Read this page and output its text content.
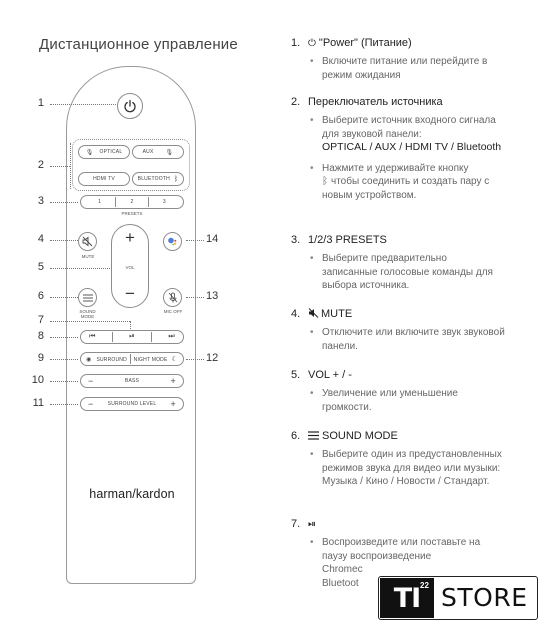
Дистанционное управление
1
2
3
4
5
6
7
8
9
10
11
14
13
12
🎙 OPTICAL	AUX 🎙
HDMI TV	BLUETOOTH ᛒ
1	2	3
PRESETS
MUTE
+
VOL
−
SOUND MODE
MIC OFF
⏮	⏯	⏭
◉ SURROUND NIGHT MODE ☾
−	BASS	+
−	SURROUND LEVEL +
harman/kardon
1. ⏻ "Power" (Питание)
• Включите питание или перейдите в режим ожидания
2. Переключатель источника
• Выберите источник входного сигнала для звуковой панели:
OPTICAL / AUX / HDMI TV / Bluetooth
• Нажмите и удерживайте кнопку
ᛒ чтобы соединить и создать пару с новым устройством.
3. 1/2/3 PRESETS
• Выберите предварительно записанные голосовые команды для выбора источника.
4. MUTE
• Отключите или включите звук звуковой панели.
5. VOL + / -
• Увеличение или уменьшение громкости.
6. SOUND MODE
• Выберите один из предустановленных режимов звука для видео или музыки: Музыка / Кино / Новости / Стандарт.
7. ⏯
• Воспроизведите или поставьте на паузу воспроизведение
Chromec
Bluetoot	TI 22 STORE
